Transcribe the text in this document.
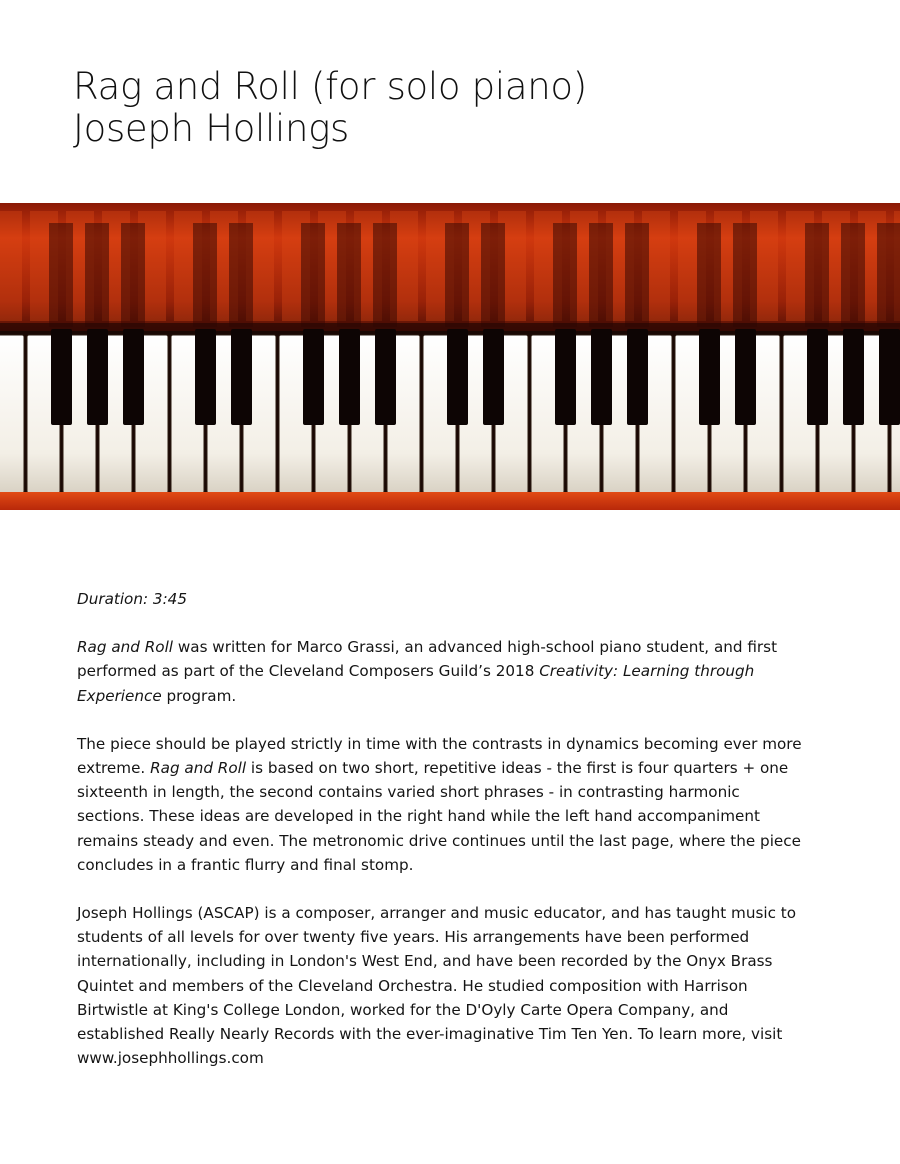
Rag and Roll (for solo piano)
Joseph Hollings

Duration: 3:45

Rag and Roll was written for Marco Grassi, an advanced high-school piano student, and first performed as part of the Cleveland Composers Guild’s 2018 Creativity: Learning through Experience program.

The piece should be played strictly in time with the contrasts in dynamics becoming ever more extreme. Rag and Roll is based on two short, repetitive ideas - the first is four quarters + one sixteenth in length, the second contains varied short phrases - in contrasting harmonic sections. These ideas are developed in the right hand while the left hand accompaniment remains steady and even. The metronomic drive continues until the last page, where the piece concludes in a frantic flurry and final stomp.

Joseph Hollings (ASCAP) is a composer, arranger and music educator, and has taught music to students of all levels for over twenty five years. His arrangements have been performed internationally, including in London's West End, and have been recorded by the Onyx Brass Quintet and members of the Cleveland Orchestra. He studied composition with Harrison Birtwistle at King's College London, worked for the D'Oyly Carte Opera Company, and established Really Nearly Records with the ever-imaginative Tim Ten Yen. To learn more, visit www.josephhollings.com
